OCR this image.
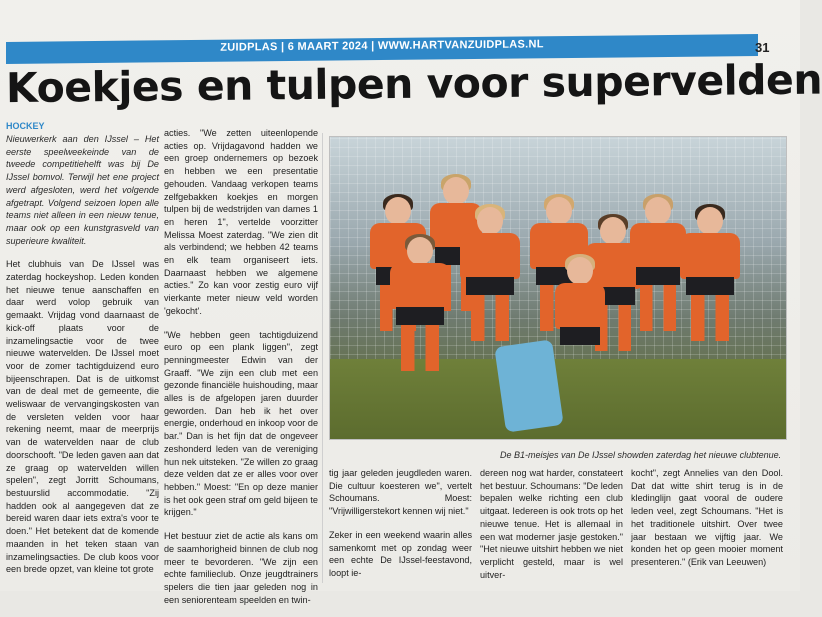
ZUIDPLAS | 6 MAART 2024 | WWW.HARTVANZUIDPLAS.NL	31
Koekjes en tulpen voor supervelden
HOCKEY

Nieuwerkerk aan den IJssel – Het eerste speelweekeinde van de tweede competitiehelft was bij De IJssel bomvol. Terwijl het ene project werd afgesloten, werd het volgende afgetrapt. Volgend seizoen lopen alle teams niet alleen in een nieuw tenue, maar ook op een kunstgrasveld van superieure kwaliteit.

Het clubhuis van De IJssel was zaterdag hockeyshop. Leden konden het nieuwe tenue aanschaffen en daar werd volop gebruik van gemaakt. Vrijdag vond daarnaast de kick-off plaats voor de inzamelingsactie voor de twee nieuwe watervelden. De IJssel moet voor de zomer tachtigduizend euro bijeenschrapen. Dat is de uitkomst van de deal met de gemeente, die weliswaar de vervangingskosten van de versleten velden voor haar rekening neemt, maar de meerprijs van de watervelden naar de club doorschooft. "De leden gaven aan dat ze graag op watervelden willen spelen", zegt Jorritt Schoumans, bestuurslid accommodatie. "Zij hadden ook al aangegeven dat ze bereid waren daar iets extra's voor te doen." Het betekent dat de komende maanden in het teken staan van inzamelingsacties. De club koos voor een brede opzet, van kleine tot grote

acties. "We zetten uiteenlopende acties op. Vrijdagavond hadden we een groep ondernemers op bezoek en hebben we een presentatie gehouden. Vandaag verkopen teams zelfgebakken koekjes en morgen tulpen bij de wedstrijden van dames 1 en heren 1", vertelde voorzitter Melissa Moest zaterdag. "We zien dit als verbindend; we hebben 42 teams en elk team organiseert iets. Daarnaast hebben we algemene acties." Zo kan voor zestig euro vijf vierkante meter nieuw veld worden 'gekocht'.

"We hebben geen tachtigduizend euro op een plank liggen", zegt penningmeester Edwin van der Graaff. "We zijn een club met een gezonde financiële huishouding, maar alles is de afgelopen jaren duurder geworden. Dan heb ik het over energie, onderhoud en inkoop voor de bar." Dan is het fijn dat de ongeveer zeshonderd leden van de vereniging hun nek uitsteken. "Ze willen zo graag deze velden dat ze er alles voor over hebben." Moest: "En op deze manier is het ook geen straf om geld bijeen te krijgen."

Het bestuur ziet de actie als kans om de saamhorigheid binnen de club nog meer te bevorderen. "We zijn een echte familieclub. Onze jeugdtrainers spelers die tien jaar geleden nog in een seniorenteam speelden en twin-

De B1-meisjes van De IJssel showden zaterdag het nieuwe clubtenue.

tig jaar geleden jeugdleden waren. Die cultuur koesteren we", vertelt Schoumans. Moest: "Vrijwilligerstekort kennen wij niet."

Zeker in een weekend waarin alles samenkomt met op zondag weer een echte De IJssel-feestavond, loopt ie-

dereen nog wat harder, constateert het bestuur. Schoumans: "De leden bepalen welke richting een club uitgaat. Iedereen is ook trots op het nieuwe tenue. Het is allemaal in een wat moderner jasje gestoken." "Het nieuwe uitshirt hebben we niet verplicht gesteld, maar is wel uitver-

kocht", zegt Annelies van den Dool. Dat dat witte shirt terug is in de kledinglijn gaat vooral de oudere leden veel, zegt Schoumans. "Het is het traditionele uitshirt. Over twee jaar bestaan we vijftig jaar. We konden het op geen mooier moment presenteren." (Erik van Leeuwen)
